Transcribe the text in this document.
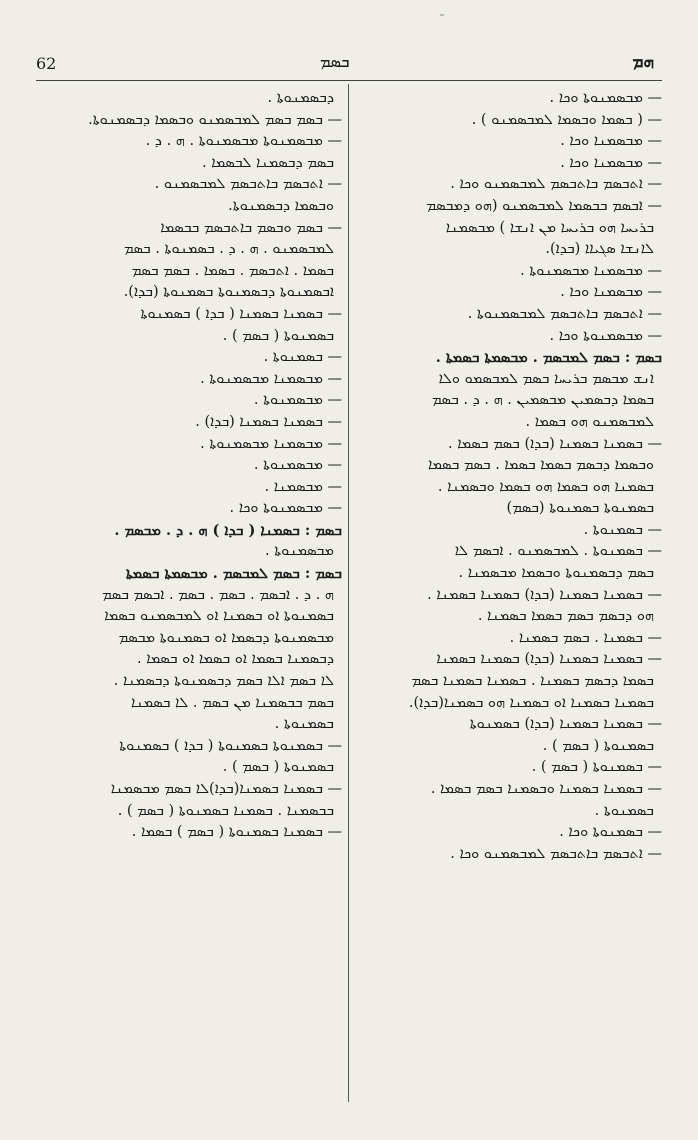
62	ܒܣܡ	ܗܡ
— ܡܒܣܡܢܘܬܐ ܘܟܐ .
— ( ܒܣܡܐ ܘܒܣܡܐ ܠܡܒܣܡܢܘ ) .
— ܡܒܣܡܢܐ ܘܟܐ .
— ܡܒܣܡܢܐ ܘܟܐ .
— ܐܬܒܣܡ ܒܐܬܒܣܡ ܠܡܒܣܡܢܘ ܘܟܐ .
— ܐܒܣܡ ܒܒܣܡܐ ܠܡܒܣܡܢܘ (ܗܘ ܕܡܒܣܡ
ܒܪܝܚܐ ܗܘ ܒܪܝܚܐ ܡܢ ܐܢܫܐ ) ܡܒܣܡܢܐ
ܠܐܢܫܐ ܣܓܝܐܐ (ܒܕܐ).
— ܡܒܣܡܢܐ ܡܒܣܡܢܘܬܐ .
— ܡܒܣܡܢܐ ܘܟܐ .
— ܐܬܒܣܡ ܒܐܬܒܣܡ ܠܡܒܣܡܢܘܬܐ .
— ܡܒܣܡܢܘܬܐ ܘܟܐ .
ܒܣܡ : ܒܣܡ ܠܡܒܣܡ . ܡܒܣܡܬܐ ܒܣܡܬܐ .
ܐܢܫ ܡܒܣܡ ܒܪܝܚܐ ܒܣܡ ܠܡܒܣܡܘ ܘܠܐ
ܒܣܡܐ ܕܒܣܡܝܢ ܡܒܣܡܝܢ . ܗ . ܕ . ܒܣܡ
ܠܡܒܣܡܢܘ ܗܘ ܒܣܡܐ .
— ܒܣܡܢܐ ܒܣܡܢܐ (ܒܕܐ) ܒܣܡ ܒܣܡܐ .
ܘܒܣܡܐ ܕܒܣܡ ܒܣܡܐ ܒܣܡܐ . ܒܣܡ ܒܣܡܐ
ܒܣܡܢܐ ܗܘ ܒܣܡܐ ܗܘ ܒܣܡܐ ܘܒܣܡܢܐ .
ܒܣܡܢܘܬܐ ܒܣܡܢܘܬܐ (ܒܣܡ)
— ܒܣܡܢܘܬܐ .
— ܒܣܡܢܘܬܐ . ܠܡܒܣܡܢܘ . ܐܒܣܡ ܠܐ
ܒܣܡ ܕܒܣܡܢܘܬܐ ܘܒܣܡܐ ܡܒܣܡܢܐ .
— ܒܣܡܢܐ ܒܣܡܢܐ (ܒܕܐ) ܒܣܡܢܐ ܒܣܡܢܐ .
ܗܘ ܕܒܣܡ ܒܣܡ ܒܣܡܐ ܒܣܡܢܐ .
— ܒܣܡܢܐ . ܒܣܡ ܒܣܡܢܐ .
— ܒܣܡܢܐ ܒܣܡܢܐ (ܒܕܐ) ܒܣܡܢܐ ܒܣܡܢܐ
ܒܣܡܐ ܕܒܣܡ ܒܣܡܢܐ . ܒܣܡܢܐ ܒܣܡܢܐ ܒܣܡ
ܒܣܡܢܐ ܒܣܡܢܐ ܐܘ ܒܣܡܢܐ ܗܘ ܒܣܡܢܐ(ܒܕܐ).
— ܒܣܡܢܐ ܒܣܡܢܐ (ܒܕܐ) ܒܣܡܢܘܬܐ
ܒܣܡܢܘܬܐ ( ܒܣܡ ) .
— ܒܣܡܢܘܬܐ ( ܒܣܡ ) .
— ܒܣܡܢܐ ܒܣܡܢܐ ܘܒܣܡܢܐ ܒܣܡ ܒܣܡܐ .
ܒܣܡܢܘܬܐ .
— ܒܣܡܢܘܬܐ ܘܟܐ .
— ܐܬܒܣܡ ܒܐܬܒܣܡ ܠܡܒܣܡܢܘ ܘܟܐ .
ܕܒܣܡܢܘܬܐ .
— ܒܣܡ ܒܣܡ ܠܡܒܣܡܢܘ ܘܒܣܡܐ ܕܒܣܡܢܘܬܐ.
— ܡܒܣܡܢܘܬܐ ܡܒܣܡܢܘܬܐ . ܗ . ܕ .
ܒܣܡ ܕܒܣܡܢܐ ܠܒܣܡܐ .
— ܐܬܒܣܡ ܒܐܬܒܣܡ ܠܡܒܣܡܢܘ .
ܘܒܣܡܐ ܕܒܣܡܢܘܬܐ.
— ܒܣܡ ܘܒܣܡ ܒܐܬܒܣܡ ܒܒܣܡܐ
ܠܡܒܣܡܢܘ . ܗ . ܕ . ܒܣܡܢܘܬܐ . ܒܣܡ
ܒܣܡܐ . ܐܬܒܣܡ . ܒܣܡܐ . ܒܣܡ ܒܣܡ
ܐܒܣܡܢܘܬܐ ܕܒܣܡܢܘܬܐ ܒܣܡܢܘܬܐ (ܒܕܐ).
— ܒܣܡܢܐ ܒܣܡܢܐ ( ܒܕܐ ) ܒܣܡܢܘܬܐ
ܒܣܡܢܘܬܐ ( ܒܣܡ ) .
— ܒܣܡܢܘܬܐ .
— ܡܒܣܡܢܐ ܡܒܣܡܢܘܬܐ .
— ܡܒܣܡܢܘܬܐ .
— ܒܣܡܢܐ ܒܣܡܢܐ (ܒܕܐ) .
— ܡܒܣܡܢܐ ܡܒܣܡܢܘܬܐ .
— ܡܒܣܡܢܘܬܐ .
— ܡܒܣܡܢܐ .
— ܡܒܣܡܢܘܬܐ ܘܟܐ .
ܒܣܡ : ܒܣܡܢܐ ( ܒܕܐ ) ܗ . ܕ . ܡܒܣܡ .
ܡܒܣܡܢܘܬܐ .
ܒܣܡ : ܒܣܡ ܠܡܒܣܡ . ܡܒܣܡܬܐ ܒܣܡܬܐ
ܗ . ܕ . ܐܒܣܡ . ܒܣܡ . ܒܣܡ . ܐܒܣܡ ܒܣܡ
ܒܣܡܢܘܬܐ ܐܘ ܒܣܡܢܐ ܐܘ ܠܡܒܣܡܢܘ ܒܣܡܐ
ܡܒܣܡܢܘܬܐ ܕܒܣܡܐ ܐܘ ܒܣܡܢܘܬܐ ܡܒܣܡ
ܕܒܣܡܢܐ ܒܣܡܐ ܐܘ ܒܣܡܐ ܐܘ ܒܣܡܐ .
ܠܐ ܒܣܡ ܐܠܐ ܒܣܡ ܕܒܣܡܢܘܬܐ ܕܒܣܡܢܐ .
ܒܣܡ ܒܒܣܡܢܐ ܡܢ ܒܣܡ . ܠܐ ܒܣܡܢܐ
ܒܣܡܢܘܬܐ .
— ܒܣܡܢܘܬܐ ܒܣܡܢܘܬܐ ( ܒܕܐ ) ܒܣܡܢܘܬܐ
ܒܣܡܢܘܬܐ ( ܒܣܡ ) .
— ܒܣܡܢܐ ܒܣܡܢܐ(ܒܕܐ)ܠܐ ܒܣܡ ܡܒܣܡܢܐ
ܒܒܣܡܢܐ . ܒܣܡܢܐ ܒܣܡܢܘܬܐ ( ܒܣܡ ) .
— ܒܣܡܢܐ ܒܣܡܢܘܬܐ ( ܒܣܡ ) ܒܣܡܐ .
